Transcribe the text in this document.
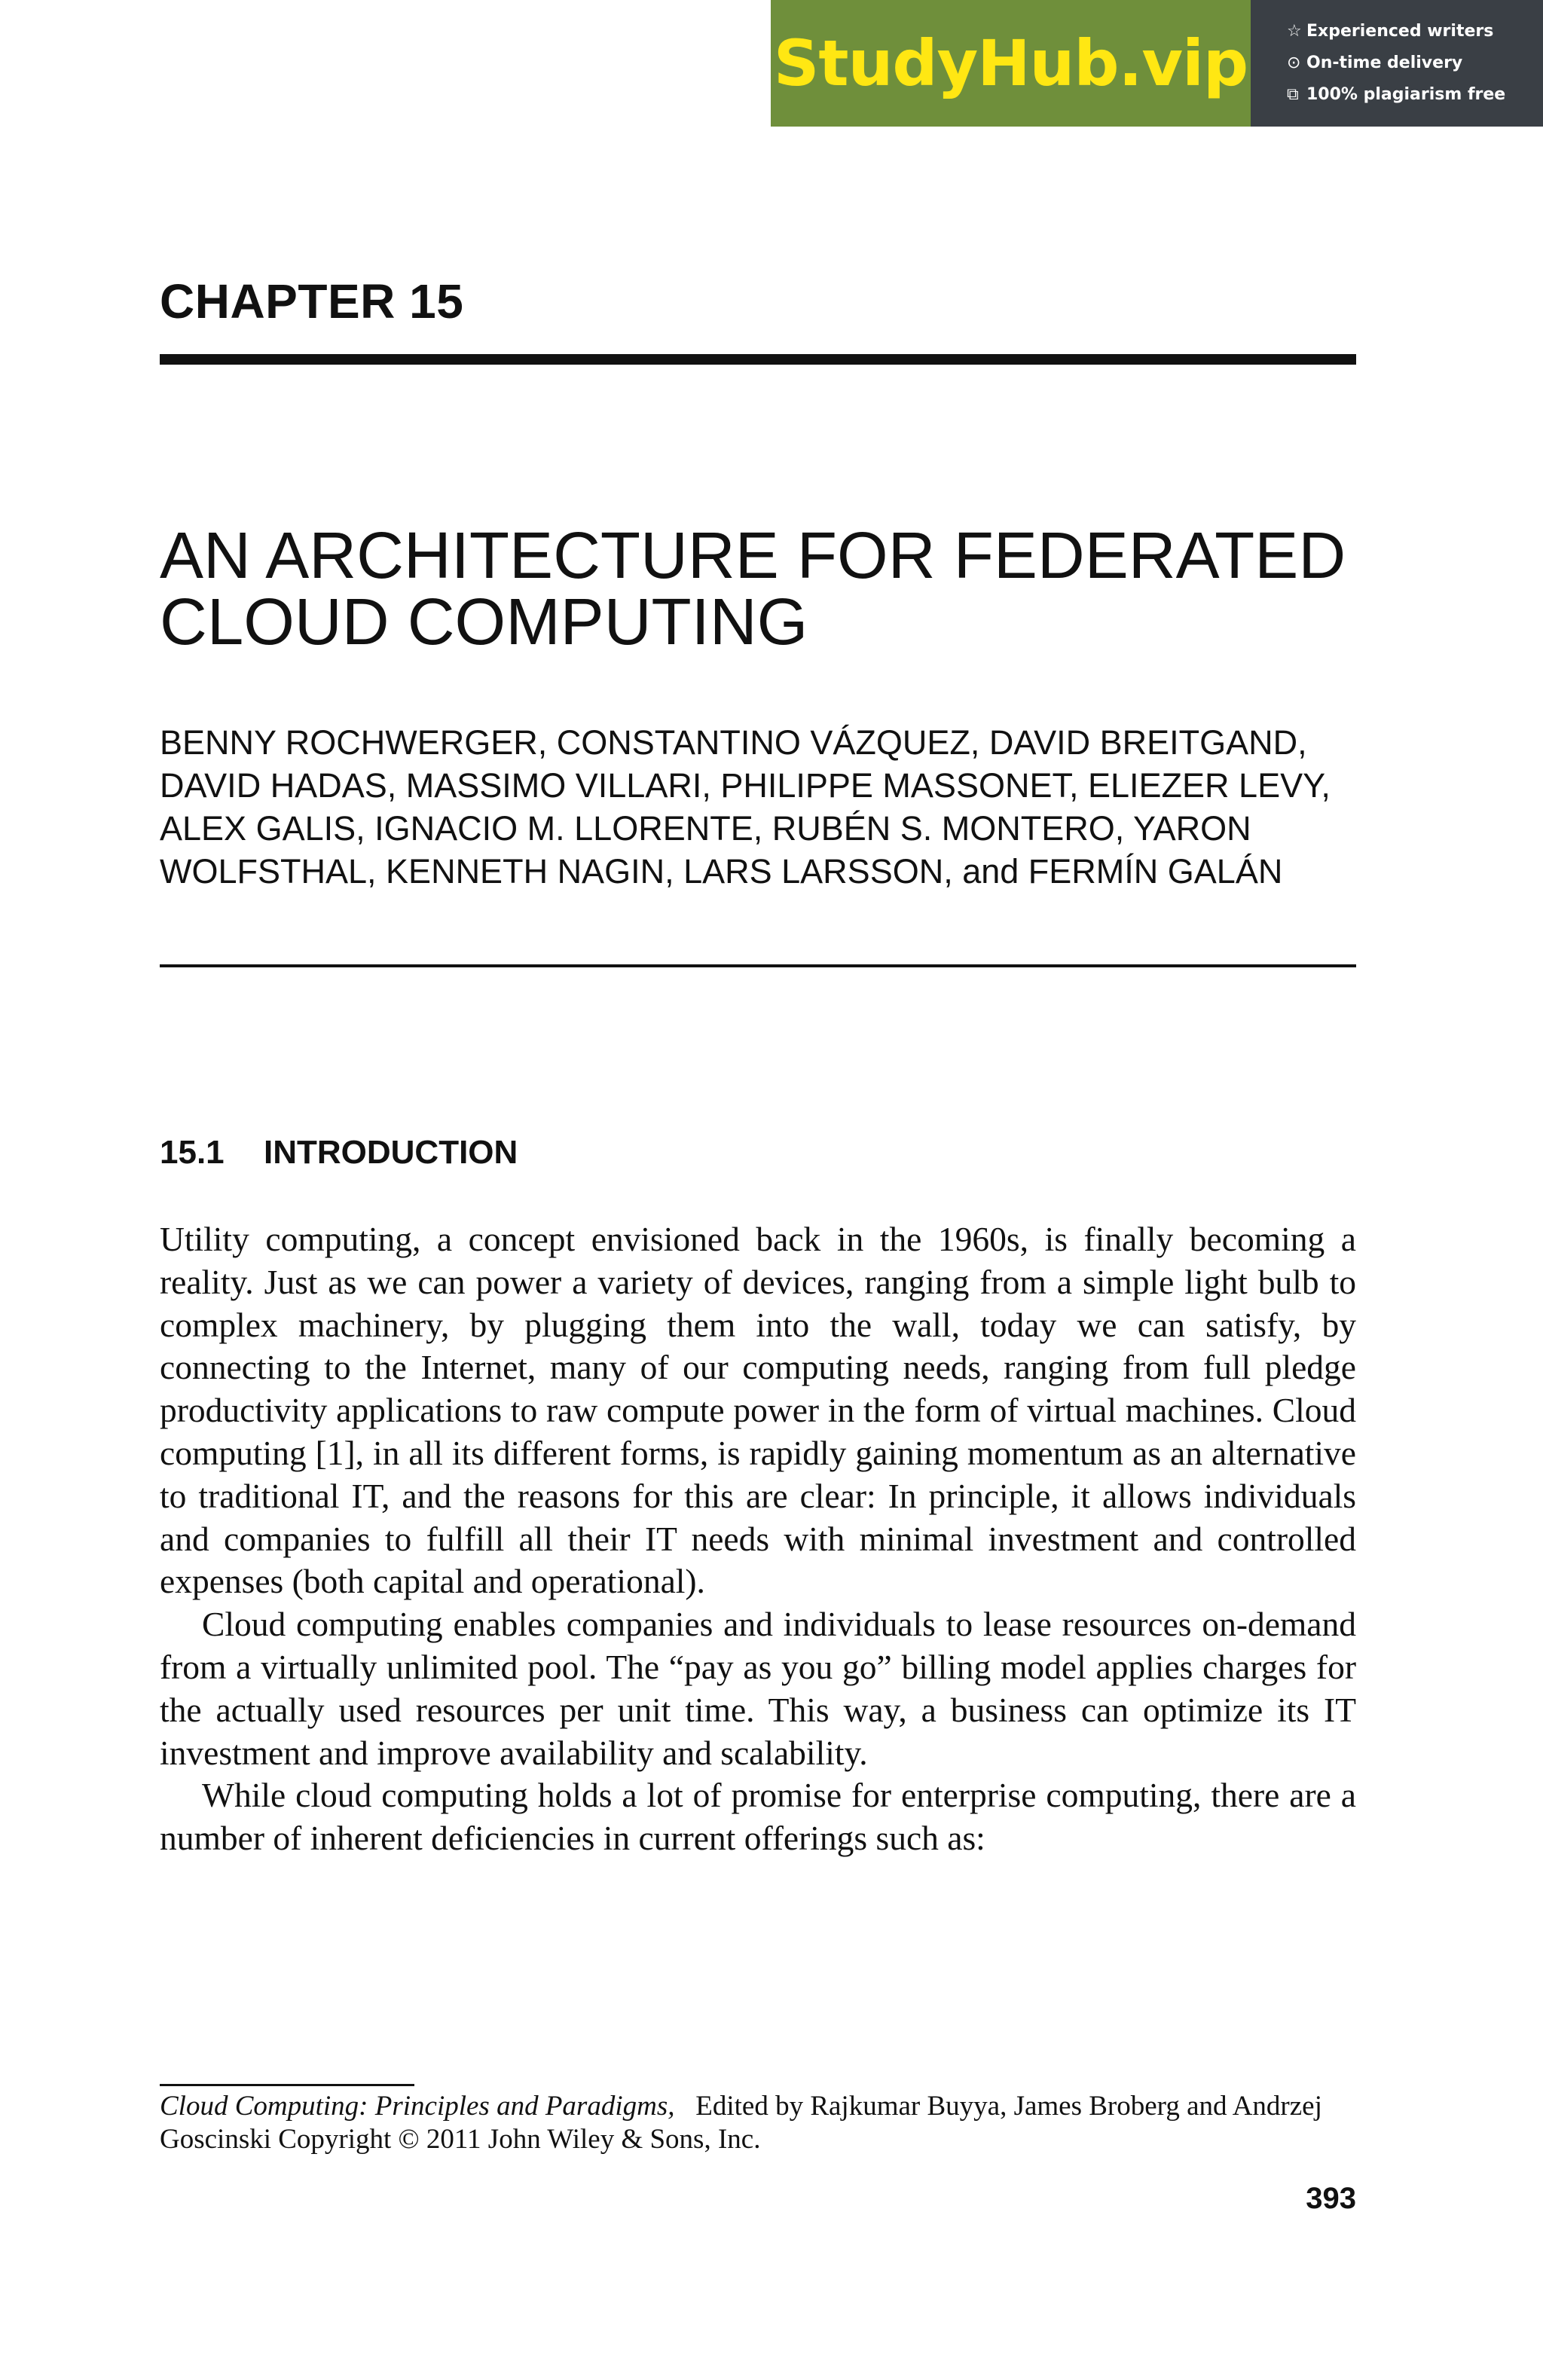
StudyHub.vip ☆ Experienced writers
⊙ On-time delivery
⧉ 100% plagiarism free
CHAPTER 15
AN ARCHITECTURE FOR FEDERATED
CLOUD COMPUTING

BENNY ROCHWERGER, CONSTANTINO VÁZQUEZ, DAVID BREITGAND, DAVID HADAS, MASSIMO VILLARI, PHILIPPE MASSONET, ELIEZER LEVY, ALEX GALIS, IGNACIO M. LLORENTE, RUBÉN S. MONTERO, YARON WOLFSTHAL, KENNETH NAGIN, LARS LARSSON, and FERMÍN GALÁN

15.1 INTRODUCTION

Utility computing, a concept envisioned back in the 1960s, is finally becoming a reality. Just as we can power a variety of devices, ranging from a simple light bulb to complex machinery, by plugging them into the wall, today we can satisfy, by connecting to the Internet, many of our computing needs, ranging from full pledge productivity applications to raw compute power in the form of virtual machines. Cloud computing [1], in all its different forms, is rapidly gaining momentum as an alternative to traditional IT, and the reasons for this are clear: In principle, it allows individuals and companies to fulfill all their IT needs with minimal investment and controlled expenses (both capital and operational).

Cloud computing enables companies and individuals to lease resources on-demand from a virtually unlimited pool. The “pay as you go” billing model applies charges for the actually used resources per unit time. This way, a business can optimize its IT investment and improve availability and scalability.

While cloud computing holds a lot of promise for enterprise computing, there are a number of inherent deficiencies in current offerings such as:

Cloud Computing: Principles and Paradigms, Edited by Rajkumar Buyya, James Broberg and Andrzej Goscinski Copyright © 2011 John Wiley & Sons, Inc.

393
